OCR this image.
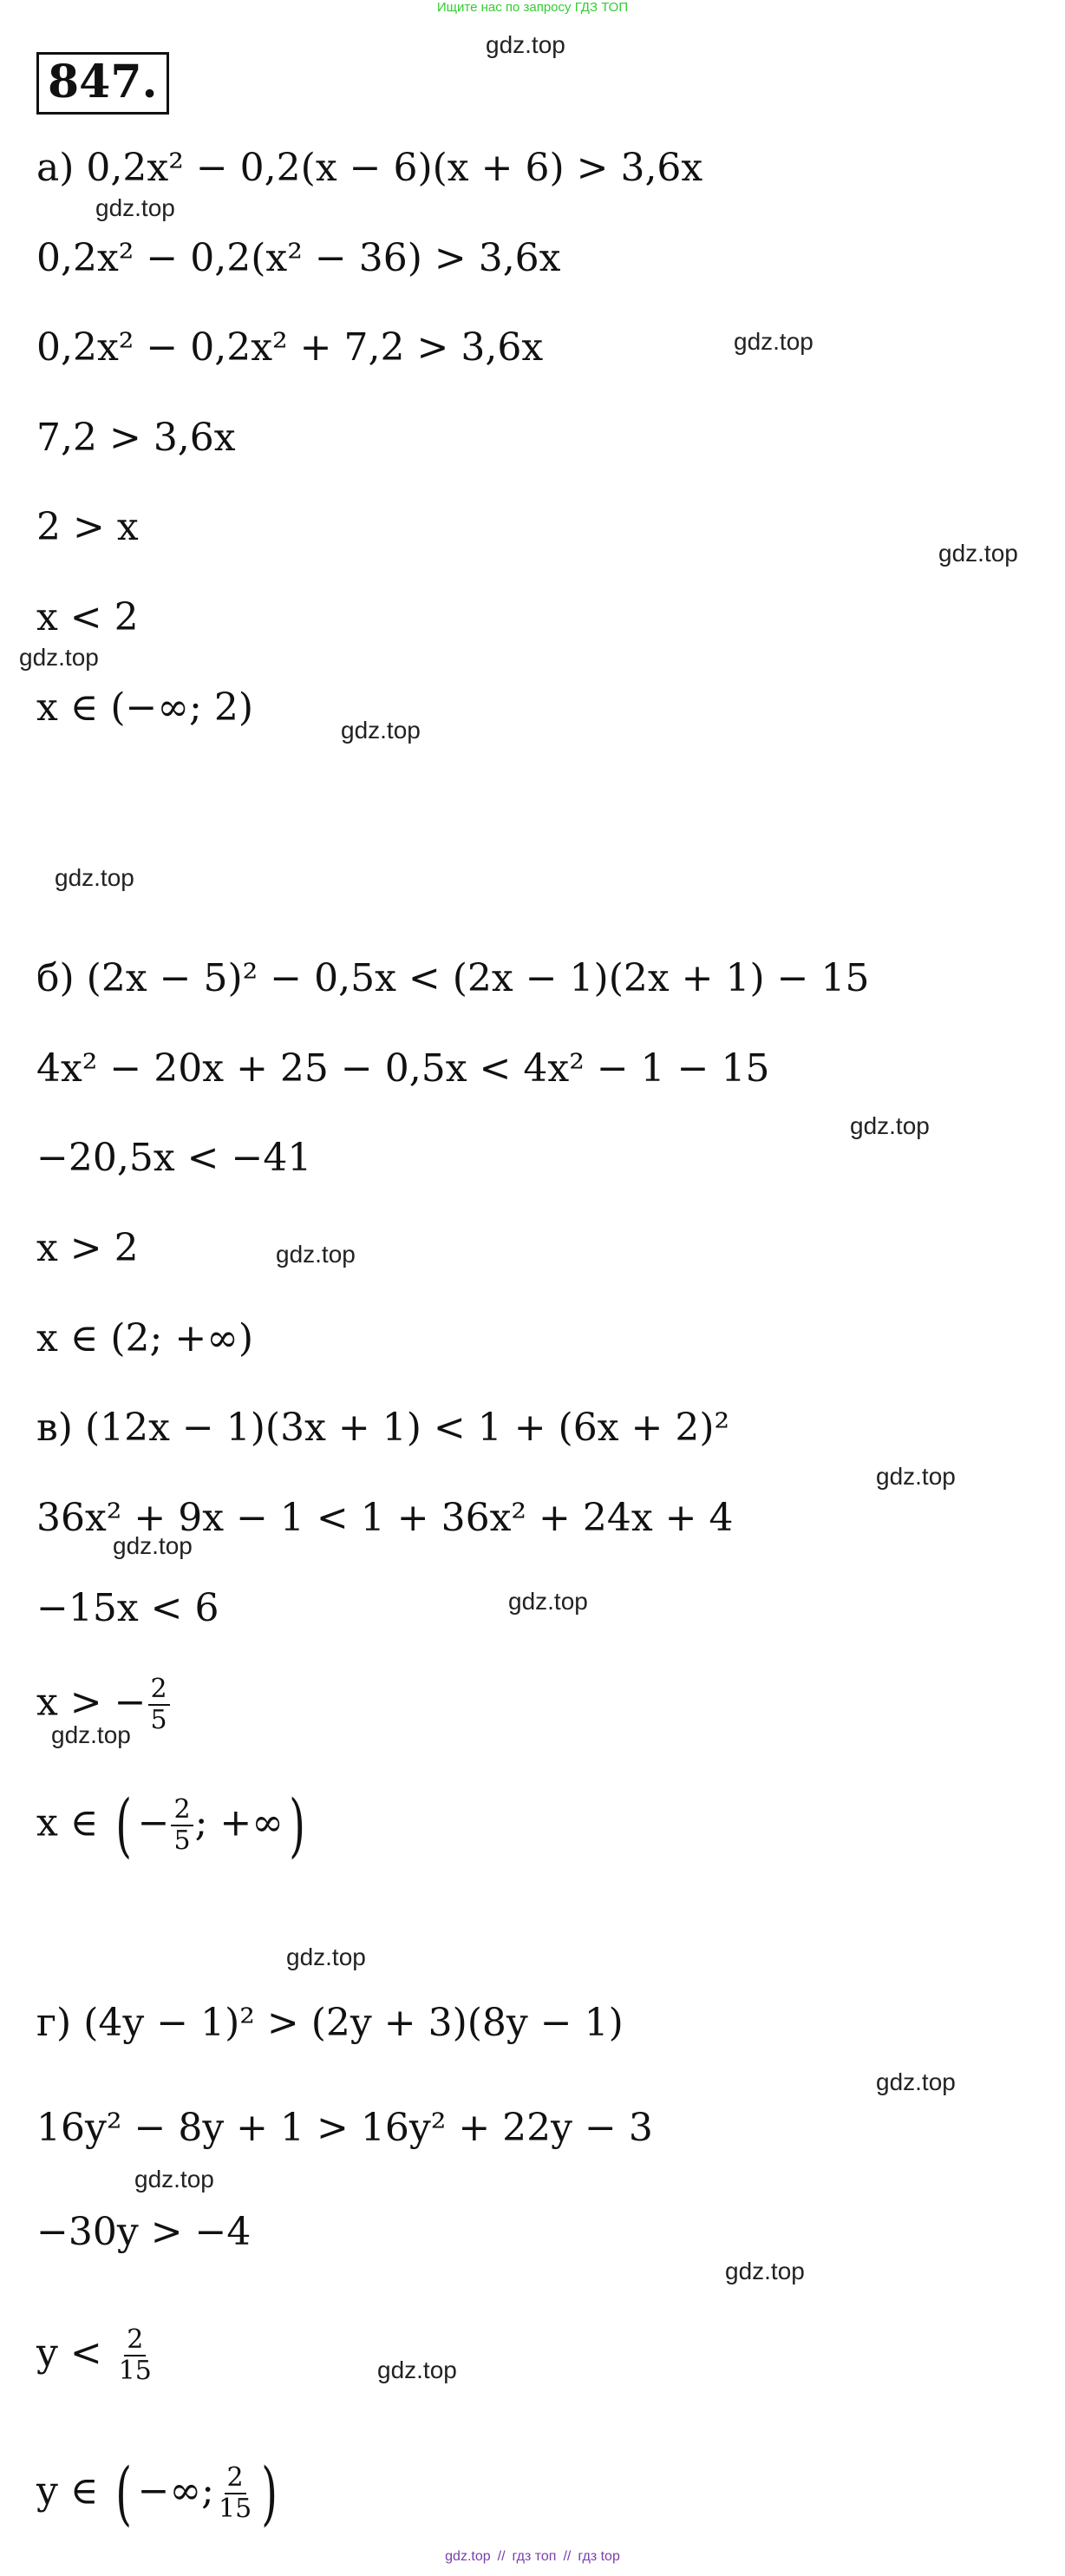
Ищите нас по запросу ГДЗ ТОП
847.
а) 0,2x² − 0,2(x − 6)(x + 6) > 3,6x
0,2x² − 0,2(x² − 36) > 3,6x
0,2x² − 0,2x² + 7,2 > 3,6x
7,2 > 3,6x
2 > x
x < 2
x ∈ (−∞; 2)
б) (2x − 5)² − 0,5x < (2x − 1)(2x + 1) − 15
4x² − 20x + 25 − 0,5x < 4x² − 1 − 15
−20,5x < −41
x > 2
x ∈ (2; +∞)
в) (12x − 1)(3x + 1) < 1 + (6x + 2)²
36x² + 9x − 1 < 1 + 36x² + 24x + 4
−15x < 6
x > − $\frac{2}{5}$
x ∈ ( − $\frac{2}{5}$ ; +∞)
г) (4y − 1)² > (2y + 3)(8y − 1)
16y² − 8y + 1 > 16y² + 22y − 3
−30y > −4
$y < \frac{2}{15}$
y ∈ ( −∞; $\frac{2}{15}$ )
gdz.top
gdz.top
gdz.top
gdz.top
gdz.top
gdz.top
gdz.top
gdz.top
gdz.top
gdz.top
gdz.top
gdz.top
gdz.top
gdz.top
gdz.top
gdz.top
gdz.top
gdz.top
gdz.top // гдз топ // гдз top
